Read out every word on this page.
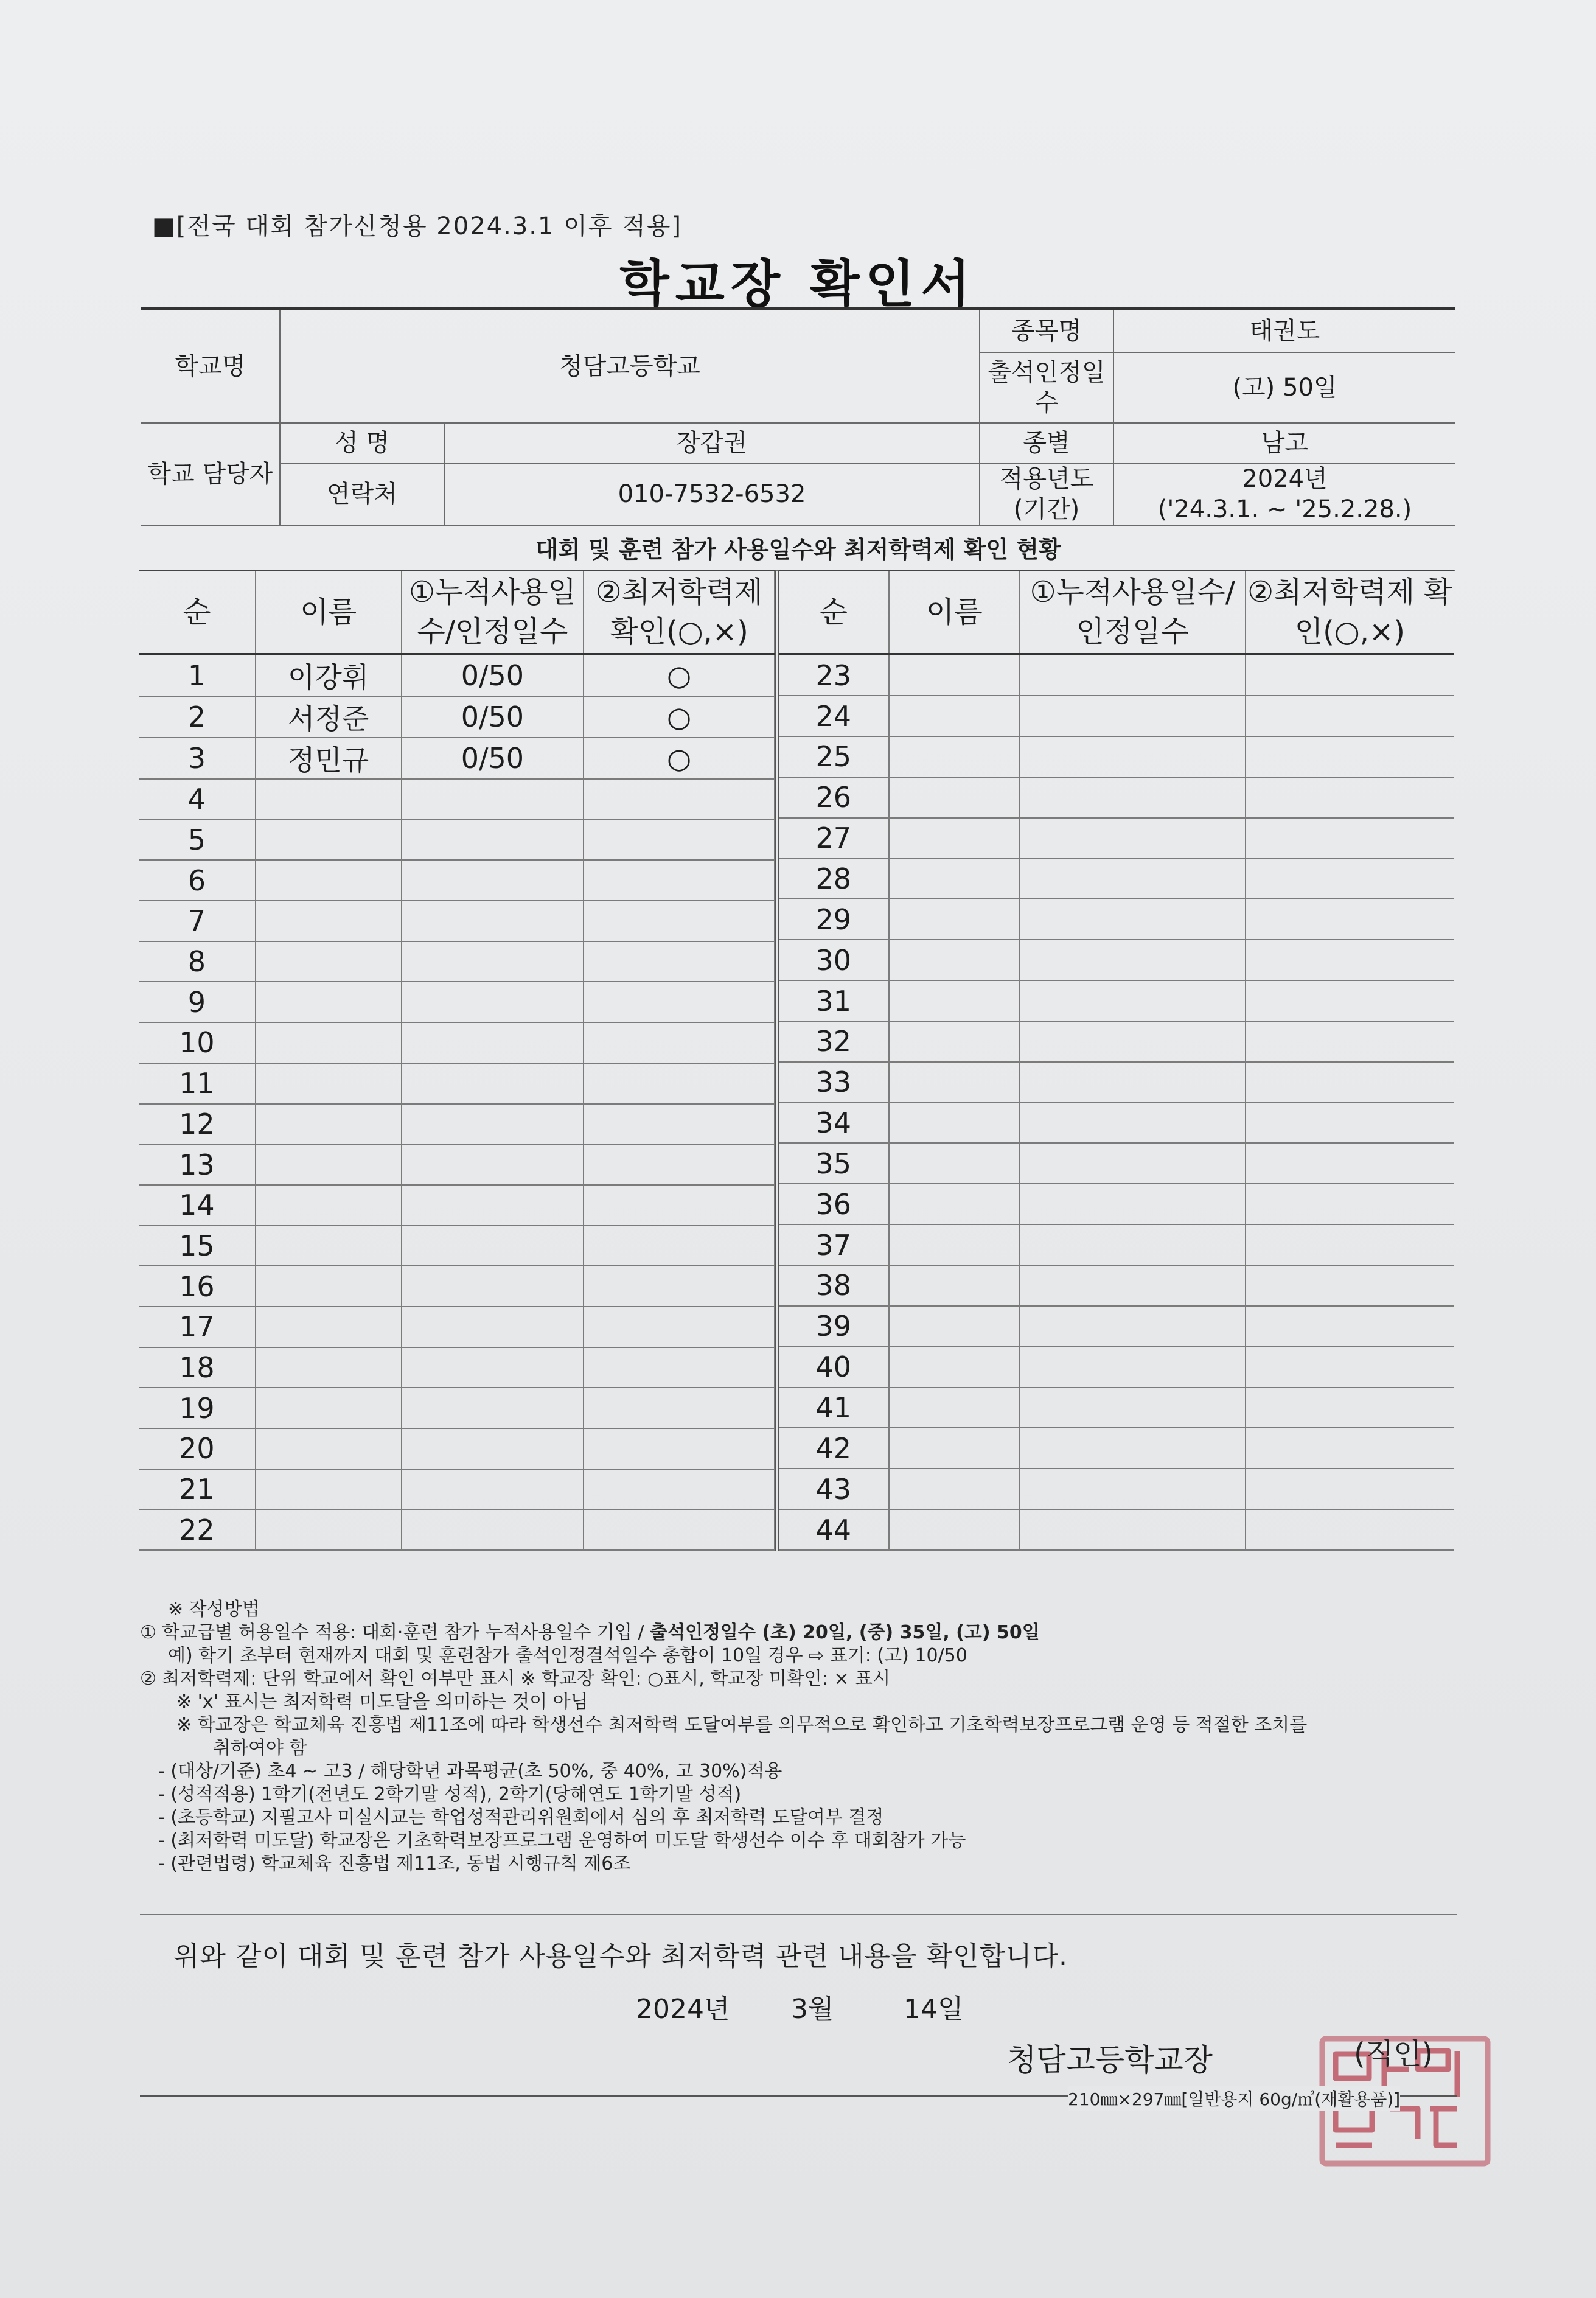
■[전국 대회 참가신청용 2024.3.1 이후 적용]
학교장 확인서
학교명	청담고등학교		종목명	태권도
			출석인정일수	(고) 50일
학교 담당자	성 명	장갑권	종별	남고
	연락처	010-7532-6532	적용년도 (기간)	2024년
('24.3.1. ~ '25.2.28.)
대회 및 훈련 참가 사용일수와 최저학력제 확인 현황
순	이름	①누적사용일수/인정일수	②최저학력제 확인(○,×)
1	이강휘	0/50	○
2	서정준	0/50	○
3	정민규	0/50	○
4			
5			
6			
7			
8			
9			
10			
11			
12			
13			
14			
15			
16			
17			
18			
19			
20			
21			
22			
순	이름	①누적사용일수/인정일수	②최저학력제 확인(○,×)
23			
24			
25			
26			
27			
28			
29			
30			
31			
32			
33			
34			
35			
36			
37			
38			
39			
40			
41			
42			
43			
44			
※ 작성방법
① 학교급별 허용일수 적용: 대회·훈련 참가 누적사용일수 기입 / 출석인정일수 (초) 20일, (중) 35일, (고) 50일
예) 학기 초부터 현재까지 대회 및 훈련참가 출석인정결석일수 총합이 10일 경우 ⇨ 표기: (고) 10/50
② 최저학력제: 단위 학교에서 확인 여부만 표시 ※ 학교장 확인: ○표시, 학교장 미확인: × 표시
※ 'x' 표시는 최저학력 미도달을 의미하는 것이 아님
※ 학교장은 학교체육 진흥법 제11조에 따라 학생선수 최저학력 도달여부를 의무적으로 확인하고 기초학력보장프로그램 운영 등 적절한 조치를
취하여야 함
- (대상/기준) 초4 ~ 고3 / 해당학년 과목평균(초 50%, 중 40%, 고 30%)적용
- (성적적용) 1학기(전년도 2학기말 성적), 2학기(당해연도 1학기말 성적)
- (초등학교) 지필고사 미실시교는 학업성적관리위원회에서 심의 후 최저학력 도달여부 결정
- (최저학력 미도달) 학교장은 기초학력보장프로그램 운영하여 미도달 학생선수 이수 후 대회참가 가능
- (관련법령) 학교체육 진흥법 제11조, 동법 시행규칙 제6조
위와 같이 대회 및 훈련 참가 사용일수와 최저학력 관련 내용을 확인합니다.
2024년 3월	14일
청담고등학교장	(직인)
210㎜×297㎜[일반용지 60g/㎡(재활용품)]
